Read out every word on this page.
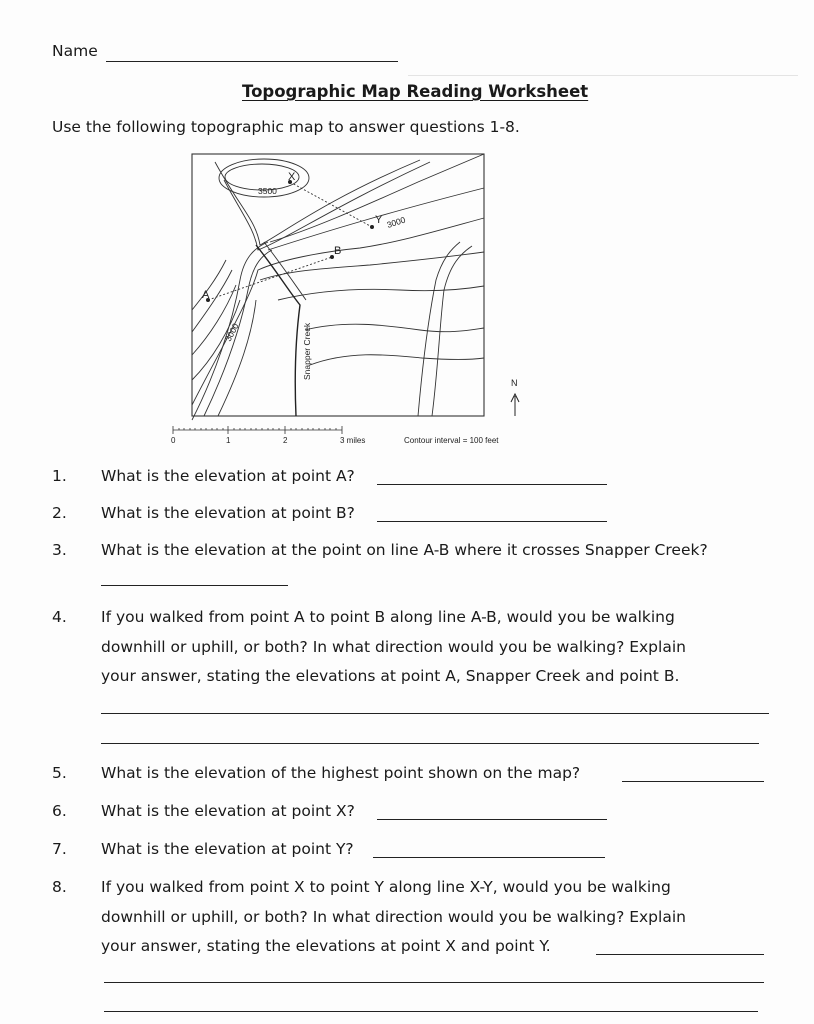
Name
Topographic Map Reading Worksheet
Use the following topographic map to answer questions 1-8.
X
Y
A
B
3500
3000
3000	Snapper Creek
N
0	1	2	3 miles	Contour interval = 100 feet
1. What is the elevation at point A?
2. What is the elevation at point B?
3. What is the elevation at the point on line A-B where it crosses Snapper Creek?
4. If you walked from point A to point B along line A-B, would you be walking
downhill or uphill, or both? In what direction would you be walking? Explain
your answer, stating the elevations at point A, Snapper Creek and point B.
5. What is the elevation of the highest point shown on the map?
6. What is the elevation at point X?
7. What is the elevation at point Y?
8. If you walked from point X to point Y along line X-Y, would you be walking
downhill or uphill, or both? In what direction would you be walking? Explain
your answer, stating the elevations at point X and point Y.
